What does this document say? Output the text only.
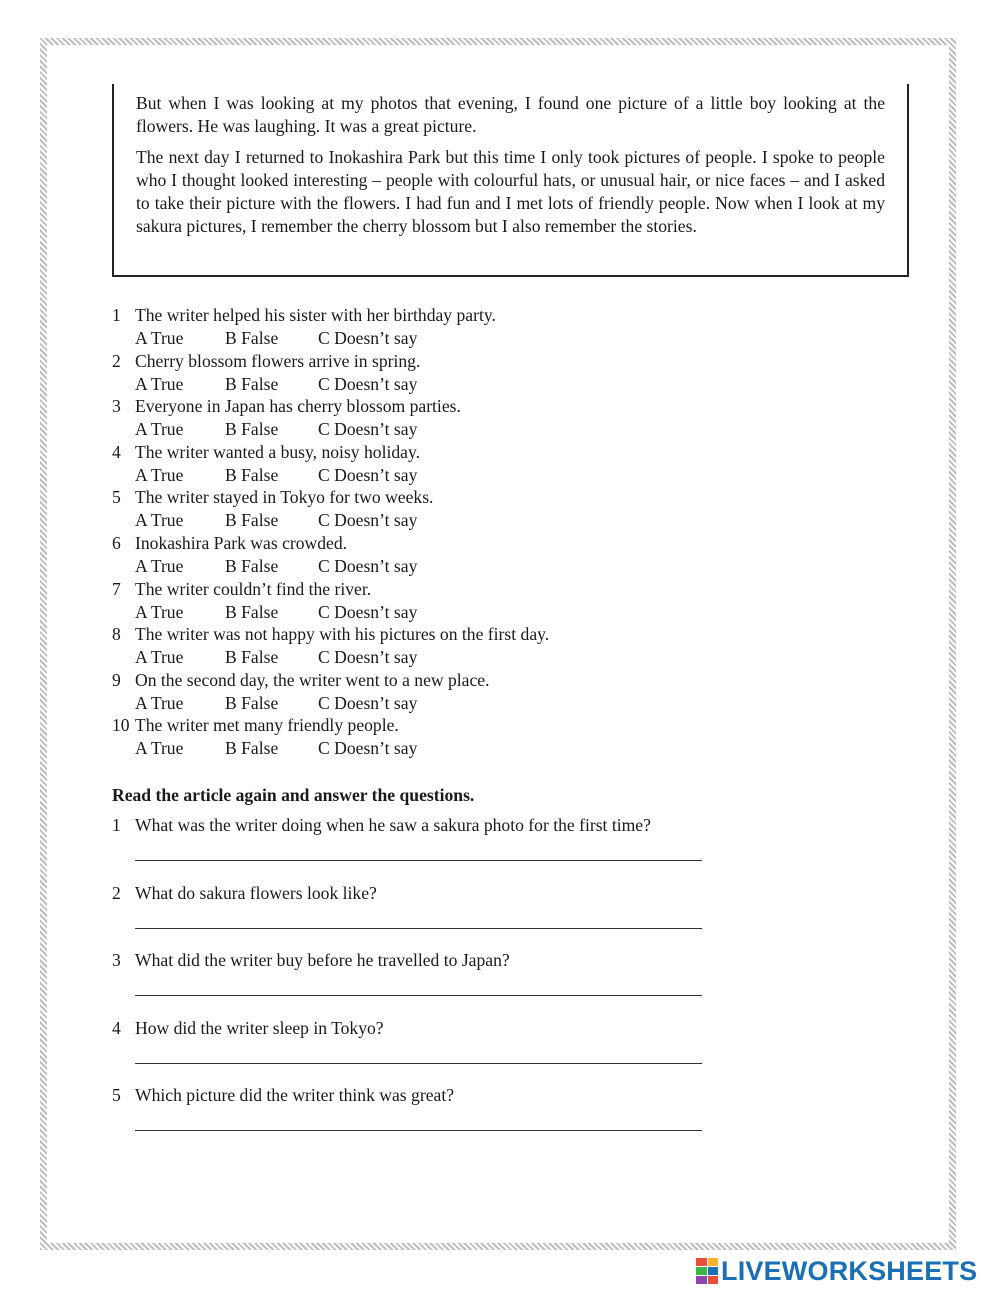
But when I was looking at my photos that evening, I found one picture of a little boy looking at the flowers. He was laughing. It was a great picture.

The next day I returned to Inokashira Park but this time I only took pictures of people. I spoke to people who I thought looked interesting – people with colourful hats, or unusual hair, or nice faces – and I asked to take their picture with the flowers. I had fun and I met lots of friendly people. Now when I look at my sakura pictures, I remember the cherry blossom but I also remember the stories.

1 The writer helped his sister with her birthday party.
A True B False C Doesn’t say
2 Cherry blossom flowers arrive in spring.
A True B False C Doesn’t say
3 Everyone in Japan has cherry blossom parties.
A True B False C Doesn’t say
4 The writer wanted a busy, noisy holiday.
A True B False C Doesn’t say
5 The writer stayed in Tokyo for two weeks.
A True B False C Doesn’t say
6 Inokashira Park was crowded.
A True B False C Doesn’t say
7 The writer couldn’t find the river.
A True B False C Doesn’t say
8 The writer was not happy with his pictures on the first day.
A True B False C Doesn’t say
9 On the second day, the writer went to a new place.
A True B False C Doesn’t say
10 The writer met many friendly people.
A True B False C Doesn’t say
Read the article again and answer the questions.
1 What was the writer doing when he saw a sakura photo for the first time?
2 What do sakura flowers look like?
3 What did the writer buy before he travelled to Japan?
4 How did the writer sleep in Tokyo?
5 Which picture did the writer think was great?
LIVEWORKSHEETS
